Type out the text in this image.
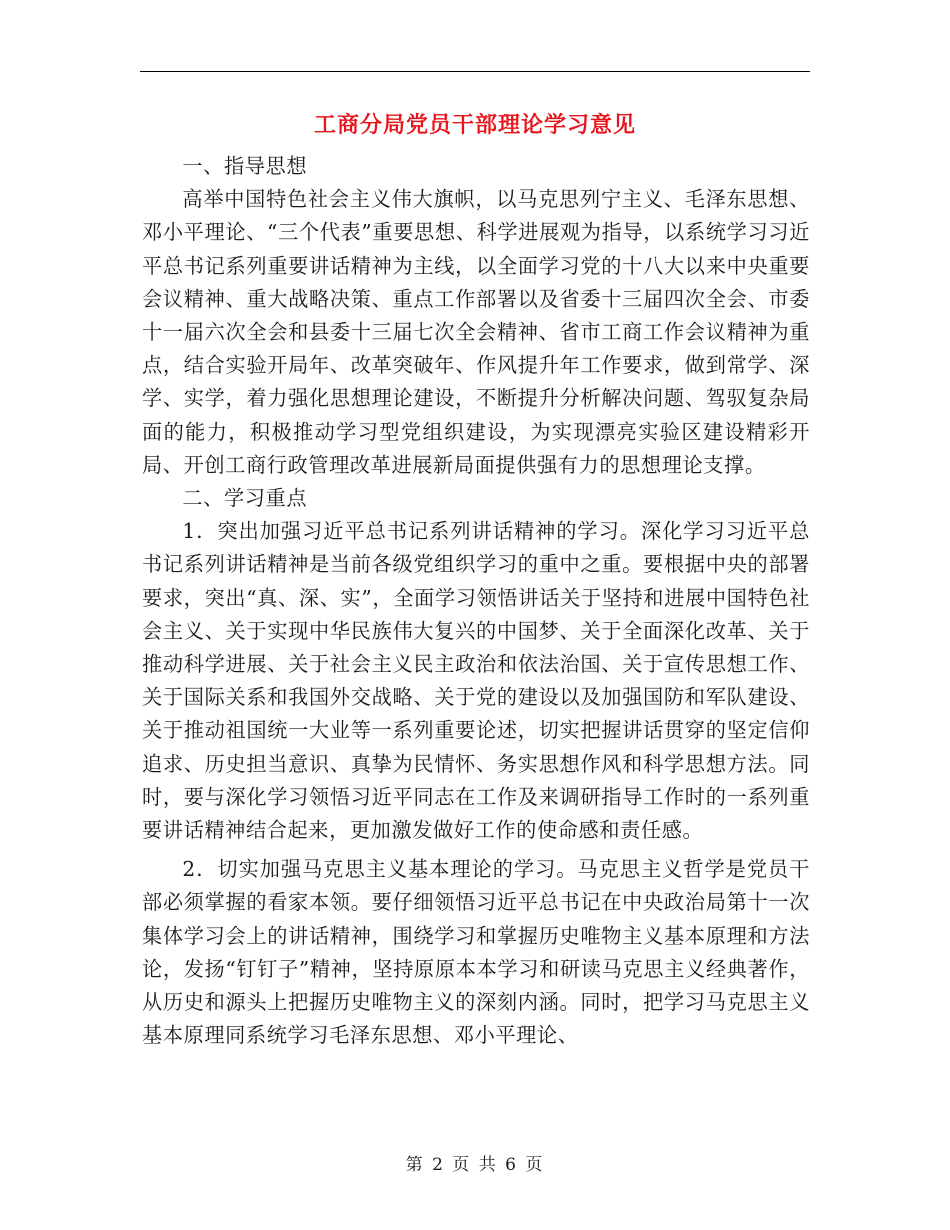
工商分局党员干部理论学习意见

一、指导思想

高举中国特色社会主义伟大旗帜，以马克思列宁主义、毛泽东思想、邓小平理论、“三个代表”重要思想、科学进展观为指导，以系统学习习近平总书记系列重要讲话精神为主线，以全面学习党的十八大以来中央重要会议精神、重大战略决策、重点工作部署以及省委十三届四次全会、市委十一届六次全会和县委十三届七次全会精神、省市工商工作会议精神为重点，结合实验开局年、改革突破年、作风提升年工作要求，做到常学、深学、实学，着力强化思想理论建设，不断提升分析解决问题、驾驭复杂局面的能力，积极推动学习型党组织建设，为实现漂亮实验区建设精彩开局、开创工商行政管理改革进展新局面提供强有力的思想理论支撑。

二、学习重点

1．突出加强习近平总书记系列讲话精神的学习。深化学习习近平总书记系列讲话精神是当前各级党组织学习的重中之重。要根据中央的部署要求，突出“真、深、实”，全面学习领悟讲话关于坚持和进展中国特色社会主义、关于实现中华民族伟大复兴的中国梦、关于全面深化改革、关于推动科学进展、关于社会主义民主政治和依法治国、关于宣传思想工作、关于国际关系和我国外交战略、关于党的建设以及加强国防和军队建设、关于推动祖国统一大业等一系列重要论述，切实把握讲话贯穿的坚定信仰追求、历史担当意识、真挚为民情怀、务实思想作风和科学思想方法。同时，要与深化学习领悟习近平同志在工作及来调研指导工作时的一系列重要讲话精神结合起来，更加激发做好工作的使命感和责任感。

2．切实加强马克思主义基本理论的学习。马克思主义哲学是党员干部必须掌握的看家本领。要仔细领悟习近平总书记在中央政治局第十一次集体学习会上的讲话精神，围绕学习和掌握历史唯物主义基本原理和方法论，发扬“钉钉子”精神，坚持原原本本学习和研读马克思主义经典著作，从历史和源头上把握历史唯物主义的深刻内涵。同时，把学习马克思主义基本原理同系统学习毛泽东思想、邓小平理论、

第 2 页 共 6 页
